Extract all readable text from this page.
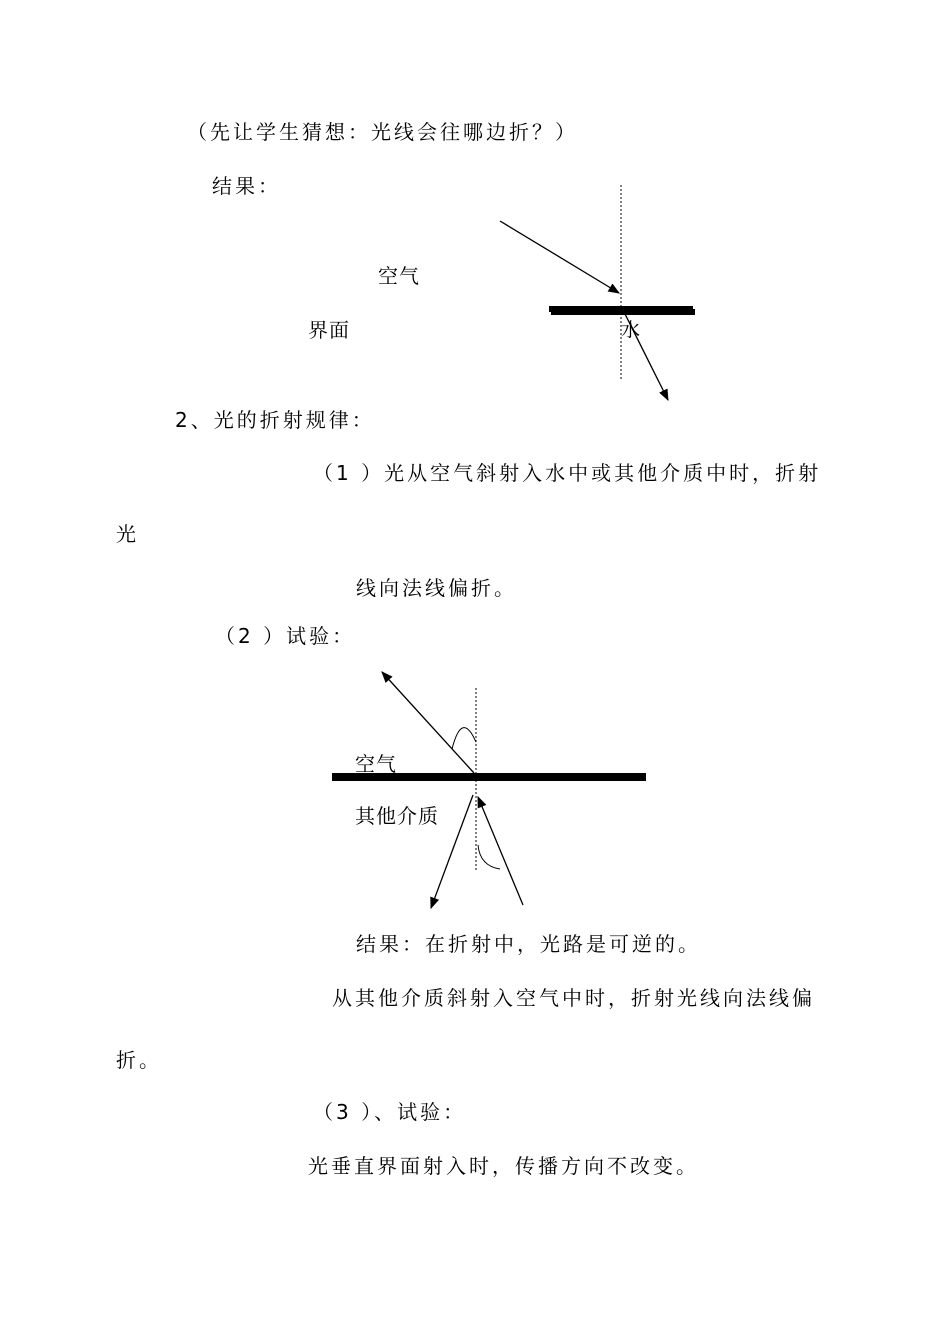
（先让学生猜想：光线会往哪边折？）
结果：
空气
界面	水
2、光的折射规律：
（1 ）光从空气斜射入水中或其他介质中时，折射
光
线向法线偏折。
（2 ）试验：
空气
其他介质
结果：在折射中，光路是可逆的。
从其他介质斜射入空气中时，折射光线向法线偏
折。
（3 ）、试验：
光垂直界面射入时，传播方向不改变。
